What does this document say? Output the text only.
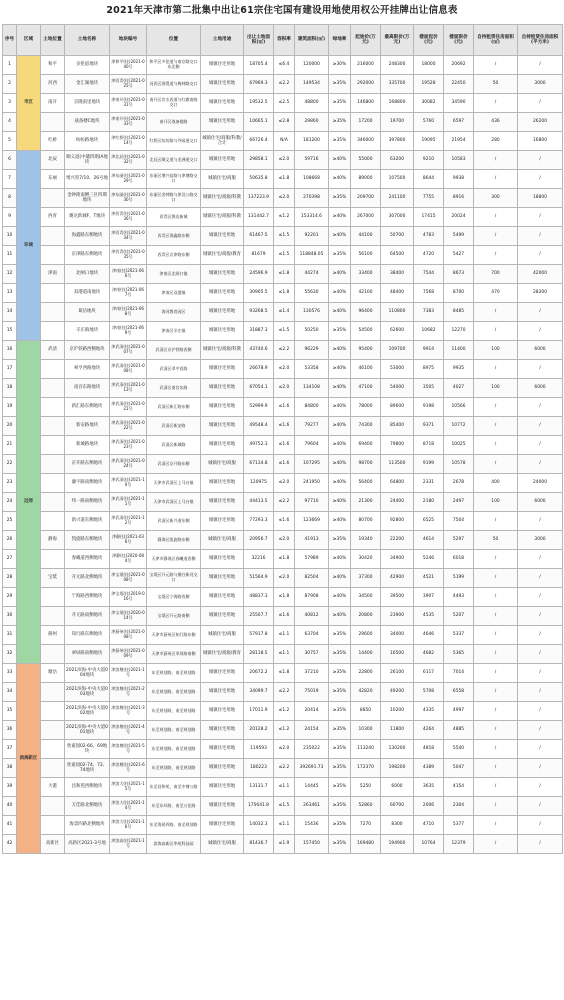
2021年天津市第二批集中出让61宗住宅国有建设用地使用权公开挂牌出让信息表
序号	区域	土地位置	土地名称	地块编号	位置	土地用途	出让土地面积(㎡)	容积率	建筑面积(㎡)	绿地率	起始价(万元)	最高限价(万元)	楼面起价(元)	楼面限价(元)	自持租赁住房面积(㎡)	自持租赁住房面积(平方米)
1	市区	和平	多伦道地块	津和平(挂)2021-040号	和平区多伦道与南京路交口东北侧	城镇住宅用地	18705.4	≤6.4	120000	≥30%	216000	248300	18000	20692	/	/
2		河西	金汇湖地块	津西青(挂)2021-025号	河西区围堤道与梅林路交口	城镇住宅用地	67969.3	≤2.2	149534	≥35%	292000	335700	19528	22450	50	3000
3		南开	京隆南里地块	津南开(挂)2021-031号	南开区宾水西道与红旗南路交口	城镇住宅用地	19532.5	≤2.5	48800	≥35%	146800	168800	30082	34590	/	/
4			战备楼C地块	津南开(挂)2021-033号	南开区战备楼路	城镇住宅用地	10665.1	≤2.8	29860	≥35%	17200	19700	5760	6597	436	26200
5		红桥	纺纺路地块	津红桥(挂)2021-014号	红桥区纺纺路与芥园道交口	城镇住宅/商服/科教/合计	66726.4	N/A	181200	≥35%	346000	397800	19095	21954	280	16800
6	环城	北辰	顺义道(中储四期)A地块	津北辰(挂)2021-032号	北辰区顺义道与龙洲道交口	城镇住宅用地	29858.1	≤2.0	59716	≥40%	55000	63200	9210	10583	/	/
7		东丽	增兴窑7/10、26号地	津东丽(挂)2021-029号	东丽区增兴窑路与津塘路交口	城镇住宅/商服	50635.8	≤1.8	108668	≥40%	89000	107500	8644	9938	/	/
8			金钟街南侧三区四期地块	津东丽(挂)2021-030号	东丽区金钟路与津汉公路交口	城镇住宅/商服/科教	137223.9	≤2.0	270398	≥35%	209700	241100	7755	8916	300	18800
9		西青	赛达新城F、T地块	津西青(挂)2021-036号	西青区赛达新城	城镇住宅/商服/科教	131442.7	≤1.2	153314.6	≥40%	267000	307000	17415	20024	/	/
10			海鑫路东侧地块	津西青(挂)2021-034号	西青区海鑫路东侧	城镇住宅用地	61467.5	≤1.5	92201	≥40%	44100	50700	4783	5499	/	/
11			京津路东侧地块	津西青(挂)2021-035号	西青区京津路东侧	城镇住宅/商服/教育	81679	≤1.5	118848.05	≥35%	56100	64500	4720	5427	/	/
12		津南	北闸口地块	津南(挂)2021-066号	津南区北闸口镇	城镇住宅用地	24596.9	≤1.8	44274	≥40%	33400	38400	7544	8673	700	42000
13			双港道南地块	津南(挂)2021-067号	津南区双港镇	城镇住宅用地	30905.5	≤1.8	55630	≥40%	42100	48400	7568	8700	470	28200
14			葛沽地块	津南(挂)2021-068号	海河教育园区	城镇住宅用地	93268.5	≤1.4	130576	≥40%	96400	110800	7383	8485	/	/
15			辛庄镇地块	津南(挂)2021-069号	津南区辛庄镇	城镇住宅用地	31887.3	≤1.5	50250	≥35%	54500	62600	10682	12270	/	/
16	远郊	武清	京沪铁路西侧地块	津武清(挂)2021-007号	武清区京沪铁路西侧	城镇住宅/商服/科教	43740.6	≤2.2	96229	≥40%	95400	109700	9914	11400	100	6000
17			翠亨西路地块	津武清(挂)2021-008号	武清区翠亨西路	城镇住宅用地	26678.9	≤2.0	53358	≥40%	46100	53000	8975	9935	/	/
18			南宫东路地块	津武清(挂)2021-013号	武清区南宫东路	城镇住宅用地	67054.1	≤2.0	134108	≥40%	47100	54000	3505	4027	100	6000
19			新汇路东侧地块	津武清(挂)2021-021号	武清区新汇路东侧	城镇住宅用地	52999.9	≤1.6	84800	≥40%	78000	89600	9198	10566	/	/
20			新安路地块	津武清(挂)2021-022号	武清区新安路	城镇住宅用地	49548.4	≤1.6	79277	≥40%	74300	85400	9371	10772	/	/
21			新城路地块	津武清(挂)2021-023号	武清区新城路	城镇住宅用地	49752.3	≤1.6	79604	≥40%	69400	79800	8718	10025	/	/
22			京开路东侧地块	津武清(挂)2021-024号	武清区京开路东侧	城镇住宅/商服	67134.8	≤1.6	107295	≥40%	98700	113500	9199	10578	/	/
23			廉宇路南侧地块	津武清(挂)2021-10号	天津市武清区上马台镇	城镇住宅用地	120975	≤2.0	241950	≥40%	56400	64800	2331	2678	400	24000
24			纬一路南侧地块	津武清(挂)2021-11号	天津市武清区上马台镇	城镇住宅用地	44413.5	≤2.2	97710	≥40%	21300	24400	2180	2497	100	6000
25			新兴道东侧地块	津武清(挂)2021-12号	武清区新兴道东侧	城镇住宅用地	77293.3	≤1.6	123669	≥40%	80700	92800	6525	7504	/	/
26		静海	凯旋路东侧地块	津静(挂)2021-036号	静海区凯旋路东侧	城镇住宅/商服	20956.7	≤2.0	41913	≥35%	19340	22200	4614	5297	50	3000
27			春曦道西侧地块	津静(挂)2020-084号	天津市静海区春曦道西侧	城镇住宅用地	32216	≤1.8	57989	≥40%	30420	34900	5246	6018	/	/
28		宝坻	开元路北侧地块	津宝坻(挂)2021-008号	宝坻区开元路与潮白新河交口	城镇住宅用地	51564.9	≤2.0	82504	≥40%	37300	42900	4521	5199	/	/
29			宁海路西侧地块	津宝坻(挂)2019-016号	宝坻区宁海路西侧	城镇住宅用地	48837.3	≤1.8	87908	≥40%	34500	39500	3907	4493	/	/
30			开元路南侧地块	津宝坻(挂)2020-014号	宝坻区开元路南侧	城镇住宅用地	25507.7	≤1.6	40812	≥40%	20800	23900	4535	5207	/	/
31		蓟州	知行路东侧地块	津蓟州(挂)2021-008号	天津市蓟州区知行路东侧	城镇住宅/商服	57917.8	≤1.1	63704	≥35%	29600	34000	4646	5337	/	/
32			翠屏路南侧地块	津蓟州(挂)2021-009号	天津市蓟州区翠屏路南侧	城镇住宅/商服/教育	28118.5	≤1.1	30757	≥35%	14400	16500	4682	5365	/	/
33	滨海新区	塘沽	2021滨海-中央大道004地块	津滨塘(挂)2021-1号	东至规划路，南至规划路	城镇住宅用地	20672.2	≤1.8	37210	≥35%	22800	26100	6117	7014	/	/
34			2021滨海-中央大道003地块	津滨塘(挂)2021-2号	东至规划路，南至规划路	城镇住宅用地	34099.7	≤2.2	75019	≥35%	42820	49200	5708	6558	/	/
35			2021滨海-中央大道002地块	津滨塘(挂)2021-3号	东至规划路，南至规划路	城镇住宅用地	17011.9	≤1.2	20414	≥35%	8850	10200	4335	4997	/	/
36			2021滨海-中央大道001地块	津滨塘(挂)2021-4号	东至规划路，南至规划路	城镇住宅用地	20128.2	≤1.2	24154	≥35%	10300	11800	4264	4885	/	/
37			欣嘉园02-66、69地块	津滨塘(挂)2021-5号	东至规划路，南至规划路	城镇住宅用地	119593	≤2.0	235022	≥35%	113240	130200	4818	5540	/	/
38			欣嘉园02-74、72、74地块	津滨塘(挂)2021-6号	东至规划路，南至规划路	城镇住宅用地	180223	≤2.2	392691.73	≥35%	172370	198200	4389	5047	/	/
39		大港	昌和苑西侧地块	津滨大(挂)2021-15号	东至昌和苑，南至中塘公路	城镇住宅用地	13131.7	≤1.1	14445	≥35%	5250	6000	3635	4154	/	/
40			万佳路北侧地块	津滨大(挂)2021-14号	东至东环路，南至万佳路	城镇住宅用地	175641.8	≤1.5	263461	≥35%	52860	60700	2006	2304	/	/
41			海景四路北侧地块	津滨大(挂)2021-16号	东至海景四路，南至规划路	城镇住宅用地	14032.3	≤1.1	15436	≥35%	7270	8300	4710	5377	/	/
42		高新区	高新区2021-3号地	津滨高(挂)2021-1号	滨海高新区华苑科技园	城镇住宅/商服	81436.7	≤1.9	157450	≥35%	169480	194900	10764	12379	/	/
